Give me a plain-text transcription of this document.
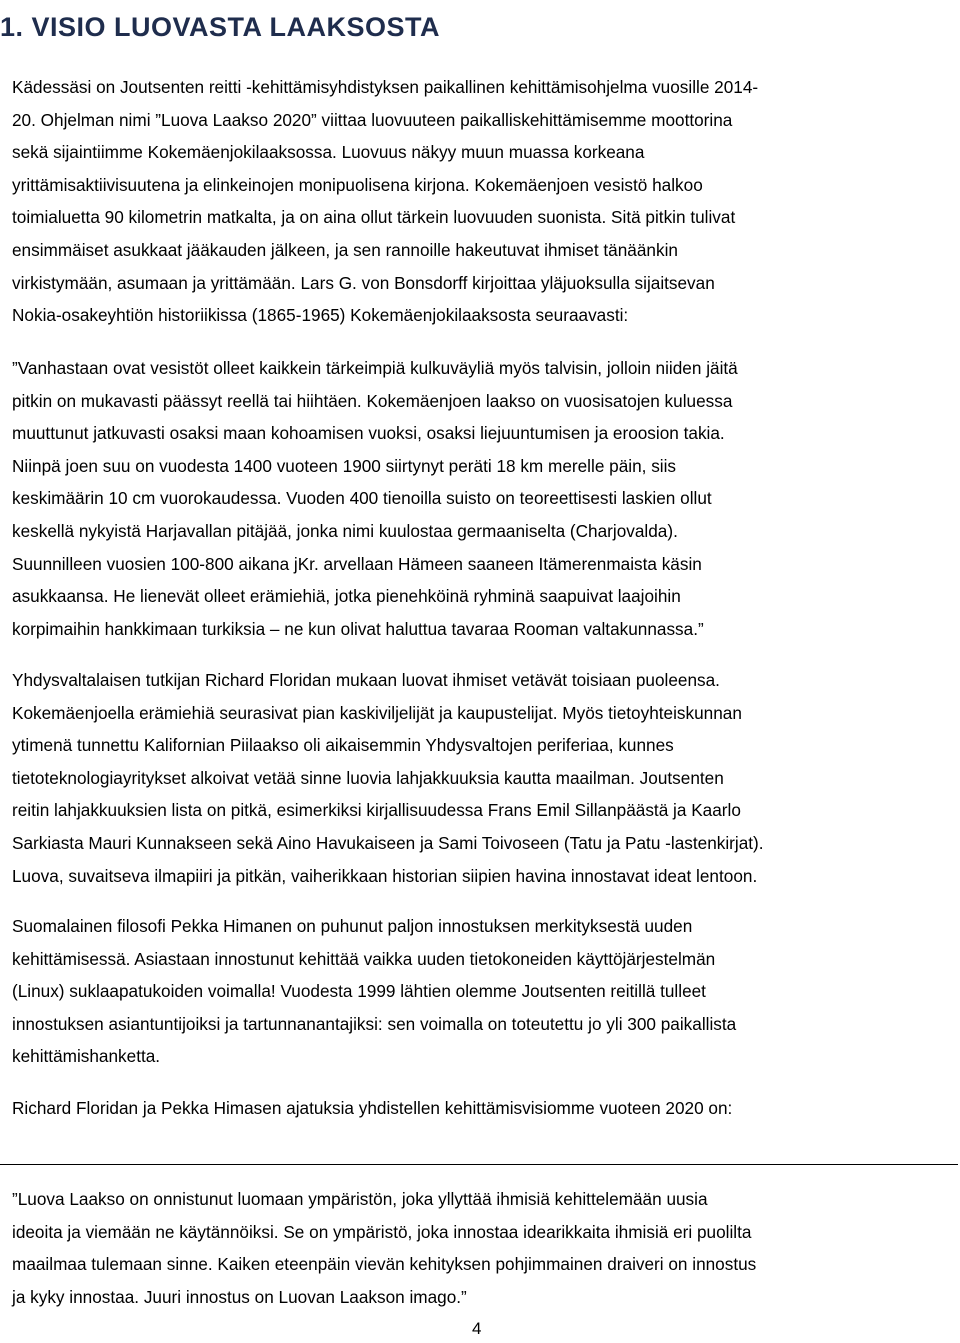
1. VISIO LUOVASTA LAAKSOSTA
Kädessäsi on Joutsenten reitti -kehittämisyhdistyksen paikallinen kehittämisohjelma vuosille 2014-
20. Ohjelman nimi ”Luova Laakso 2020” viittaa luovuuteen paikalliskehittämisemme moottorina
sekä sijaintiimme Kokemäenjokilaaksossa. Luovuus näkyy muun muassa korkeana
yrittämisaktiivisuutena ja elinkeinojen monipuolisena kirjona. Kokemäenjoen vesistö halkoo
toimialuetta 90 kilometrin matkalta, ja on aina ollut tärkein luovuuden suonista. Sitä pitkin tulivat
ensimmäiset asukkaat jääkauden jälkeen, ja sen rannoille hakeutuvat ihmiset tänäänkin
virkistymään, asumaan ja yrittämään. Lars G. von Bonsdorff kirjoittaa yläjuoksulla sijaitsevan
Nokia-osakeyhtiön historiikissa (1865-1965) Kokemäenjokilaaksosta seuraavasti:
”Vanhastaan ovat vesistöt olleet kaikkein tärkeimpiä kulkuväyliä myös talvisin, jolloin niiden jäitä
pitkin on mukavasti päässyt reellä tai hiihtäen. Kokemäenjoen laakso on vuosisatojen kuluessa
muuttunut jatkuvasti osaksi maan kohoamisen vuoksi, osaksi liejuuntumisen ja eroosion takia.
Niinpä joen suu on vuodesta 1400 vuoteen 1900 siirtynyt peräti 18 km merelle päin, siis
keskimäärin 10 cm vuorokaudessa. Vuoden 400 tienoilla suisto on teoreettisesti laskien ollut
keskellä nykyistä Harjavallan pitäjää, jonka nimi kuulostaa germaaniselta (Charjovalda).
Suunnilleen vuosien 100-800 aikana jKr. arvellaan Hämeen saaneen Itämerenmaista käsin
asukkaansa. He lienevät olleet erämiehiä, jotka pienehköinä ryhminä saapuivat laajoihin
korpimaihin hankkimaan turkiksia – ne kun olivat haluttua tavaraa Rooman valtakunnassa.”
Yhdysvaltalaisen tutkijan Richard Floridan mukaan luovat ihmiset vetävät toisiaan puoleensa.
Kokemäenjoella erämiehiä seurasivat pian kaskiviljelijät ja kaupustelijat. Myös tietoyhteiskunnan
ytimenä tunnettu Kalifornian Piilaakso oli aikaisemmin Yhdysvaltojen periferiaa, kunnes
tietoteknologiayritykset alkoivat vetää sinne luovia lahjakkuuksia kautta maailman. Joutsenten
reitin lahjakkuuksien lista on pitkä, esimerkiksi kirjallisuudessa Frans Emil Sillanpäästä ja Kaarlo
Sarkiasta Mauri Kunnakseen sekä Aino Havukaiseen ja Sami Toivoseen (Tatu ja Patu -lastenkirjat).
Luova, suvaitseva ilmapiiri ja pitkän, vaiherikkaan historian siipien havina innostavat ideat lentoon.
Suomalainen filosofi Pekka Himanen on puhunut paljon innostuksen merkityksestä uuden
kehittämisessä. Asiastaan innostunut kehittää vaikka uuden tietokoneiden käyttöjärjestelmän
(Linux) suklaapatukoiden voimalla! Vuodesta 1999 lähtien olemme Joutsenten reitillä tulleet
innostuksen asiantuntijoiksi ja tartunnanantajiksi: sen voimalla on toteutettu jo yli 300 paikallista
kehittämishanketta.
Richard Floridan ja Pekka Himasen ajatuksia yhdistellen kehittämisvisiomme vuoteen 2020 on:
”Luova Laakso on onnistunut luomaan ympäristön, joka yllyttää ihmisiä kehittelemään uusia
ideoita ja viemään ne käytännöiksi. Se on ympäristö, joka innostaa idearikkaita ihmisiä eri puolilta
maailmaa tulemaan sinne. Kaiken eteenpäin vievän kehityksen pohjimmainen draiveri on innostus
ja kyky innostaa. Juuri innostus on Luovan Laakson imago.”
4
